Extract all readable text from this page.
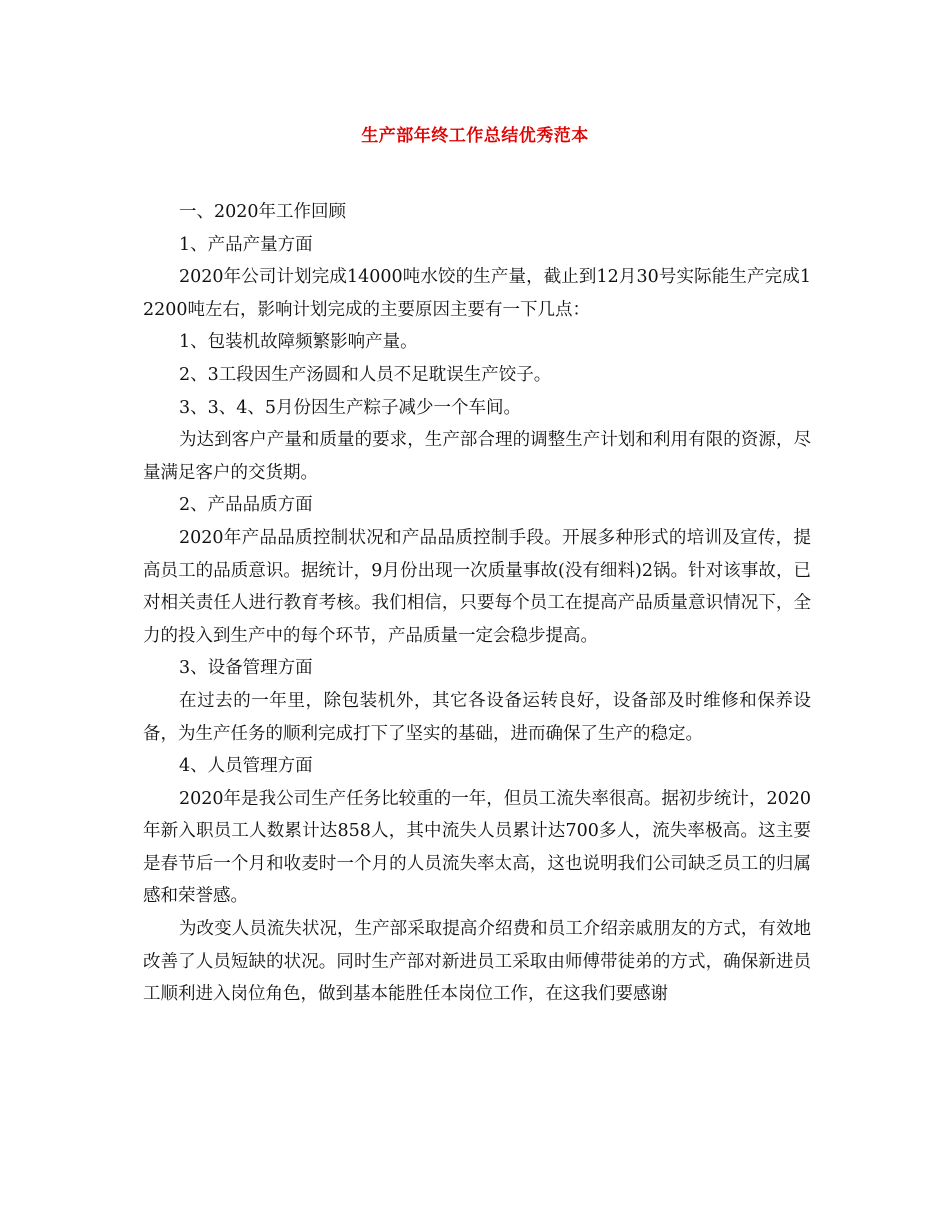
生产部年终工作总结优秀范本

一、2020年工作回顾

1、产品产量方面

2020年公司计划完成14000吨水饺的生产量，截止到12月30号实际能生产完成12200吨左右，影响计划完成的主要原因主要有一下几点：

1、包装机故障频繁影响产量。

2、3工段因生产汤圆和人员不足耽误生产饺子。

3、3、4、5月份因生产粽子减少一个车间。

为达到客户产量和质量的要求，生产部合理的调整生产计划和利用有限的资源，尽量满足客户的交货期。

2、产品品质方面

2020年产品品质控制状况和产品品质控制手段。开展多种形式的培训及宣传，提高员工的品质意识。据统计，9月份出现一次质量事故(没有细料)2锅。针对该事故，已对相关责任人进行教育考核。我们相信，只要每个员工在提高产品质量意识情况下，全力的投入到生产中的每个环节，产品质量一定会稳步提高。

3、设备管理方面

在过去的一年里，除包装机外，其它各设备运转良好，设备部及时维修和保养设备，为生产任务的顺利完成打下了坚实的基础，进而确保了生产的稳定。

4、人员管理方面

2020年是我公司生产任务比较重的一年，但员工流失率很高。据初步统计，2020年新入职员工人数累计达858人，其中流失人员累计达700多人，流失率极高。这主要是春节后一个月和收麦时一个月的人员流失率太高，这也说明我们公司缺乏员工的归属感和荣誉感。

为改变人员流失状况，生产部采取提高介绍费和员工介绍亲戚朋友的方式，有效地改善了人员短缺的状况。同时生产部对新进员工采取由师傅带徒弟的方式，确保新进员工顺利进入岗位角色，做到基本能胜任本岗位工作，在这我们要感谢
